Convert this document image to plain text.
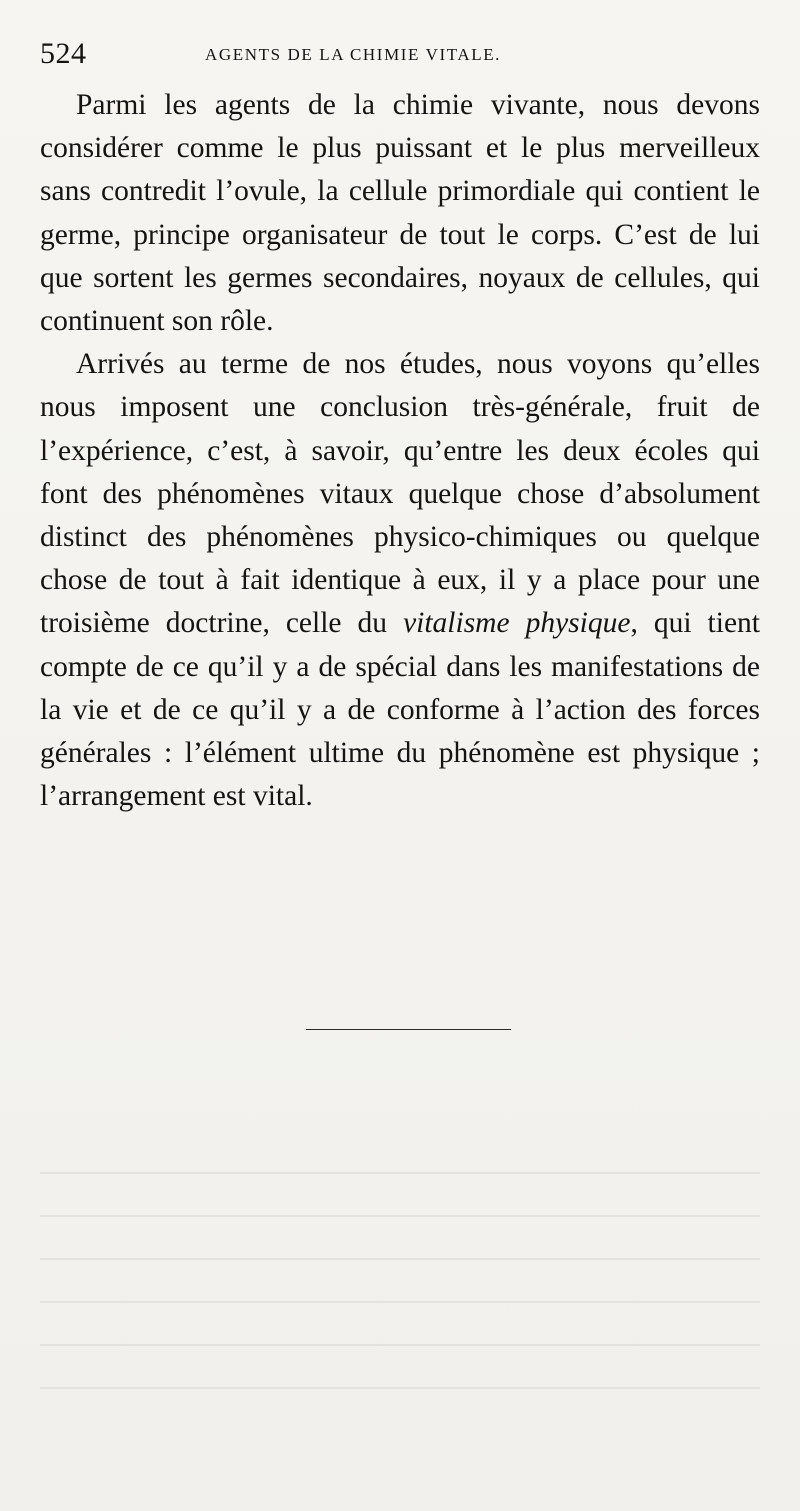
524	AGENTS DE LA CHIMIE VITALE.

Parmi les agents de la chimie vivante, nous devons considérer comme le plus puissant et le plus merveilleux sans contredit l’ovule, la cellule primordiale qui contient le germe, principe organisateur de tout le corps. C’est de lui que sortent les germes secondaires, noyaux de cellules, qui continuent son rôle.

Arrivés au terme de nos études, nous voyons qu’elles nous imposent une conclusion très-générale, fruit de l’expérience, c’est, à savoir, qu’entre les deux écoles qui font des phénomènes vitaux quelque chose d’absolument distinct des phénomènes physico-chimiques ou quelque chose de tout à fait identique à eux, il y a place pour une troisième doctrine, celle du vitalisme physique, qui tient compte de ce qu’il y a de spécial dans les manifestations de la vie et de ce qu’il y a de conforme à l’action des forces générales : l’élément ultime du phénomène est physique ; l’arrangement est vital.
